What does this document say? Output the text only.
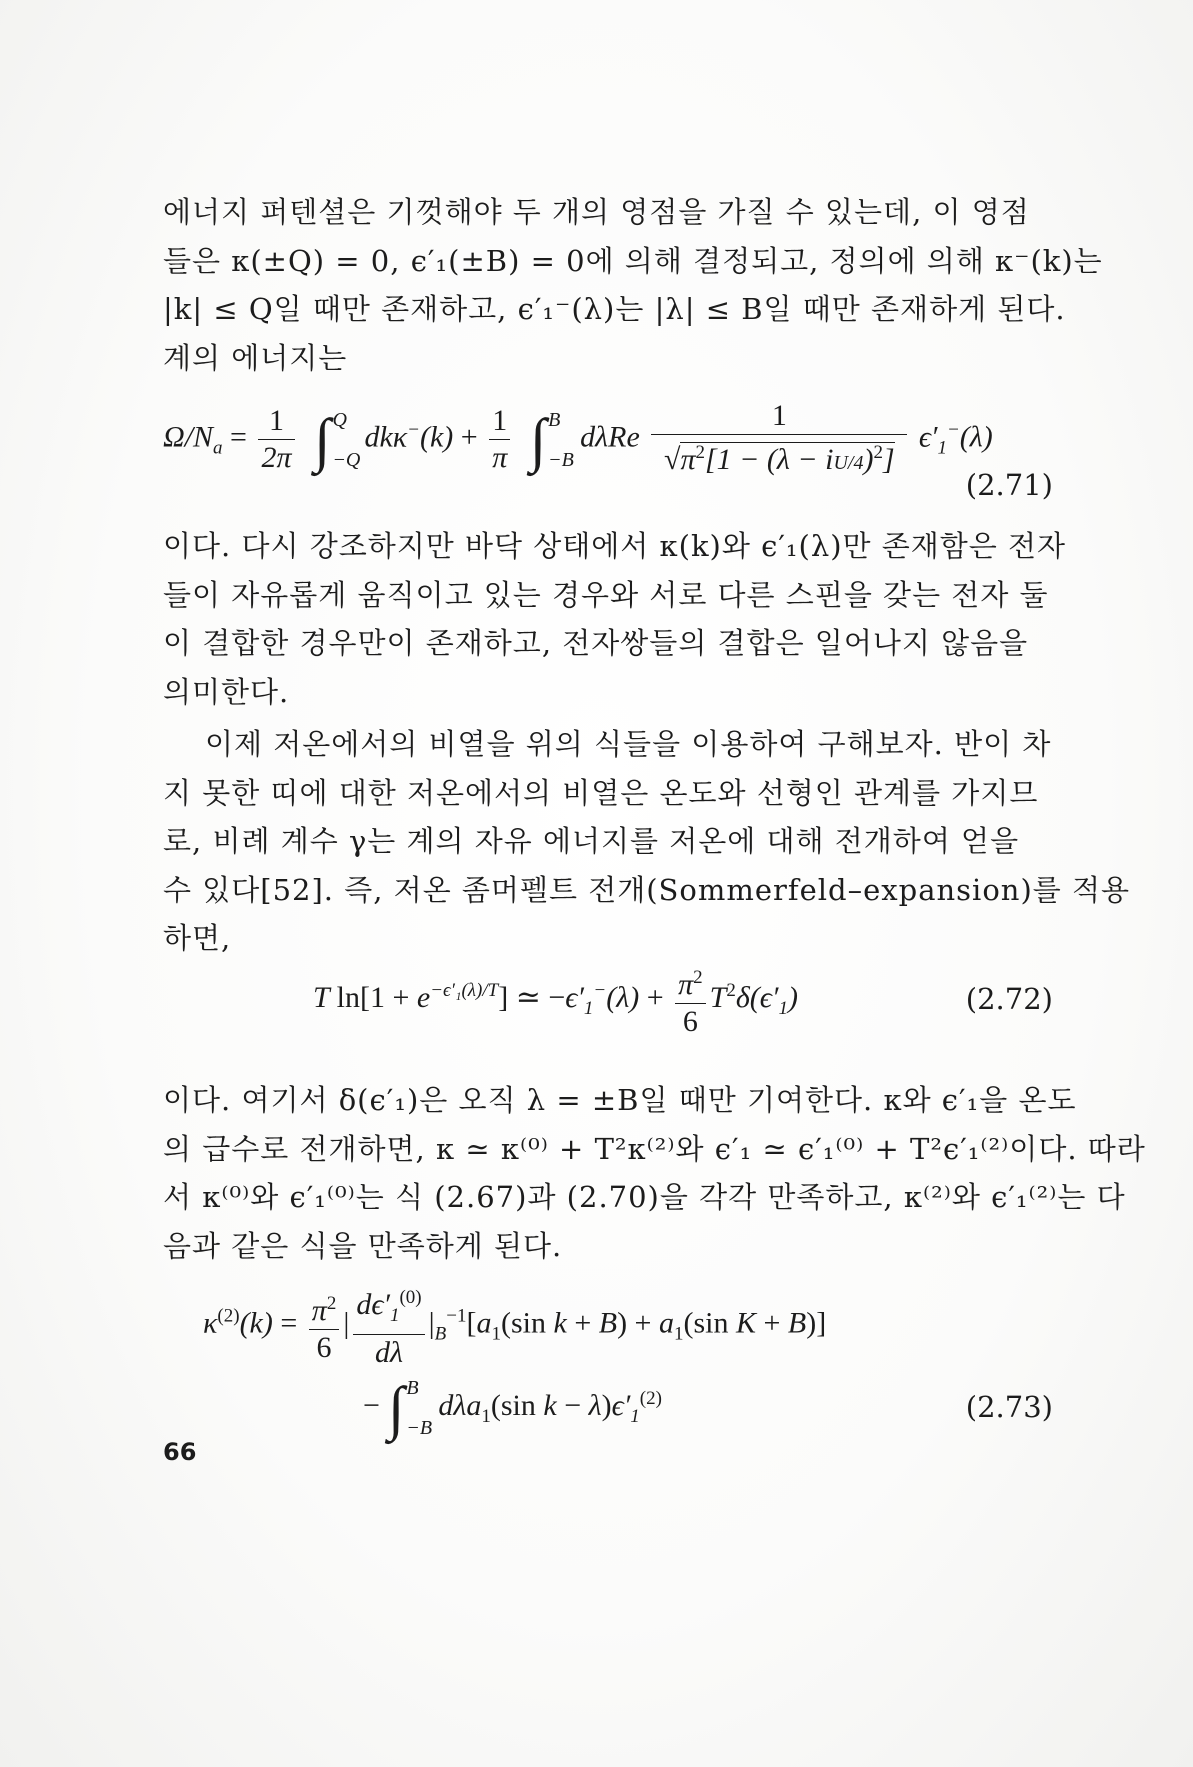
에너지 퍼텐셜은 기껏해야 두 개의 영점을 가질 수 있는데, 이 영점
들은 κ(±Q) = 0, ϵ′₁(±B) = 0에 의해 결정되고, 정의에 의해 κ⁻(k)는
|k| ≤ Q일 때만 존재하고, ϵ′₁⁻(λ)는 |λ| ≤ B일 때만 존재하게 된다.
계의 에너지는

$\Omega/N_a = \frac{1}{2\pi}$ ∫ Q
−Q
$dk\kappa^-(k) + \frac{1}{\pi}$ ∫ B
−B
dλRe $\frac{1}{√\pi^2[1 - (\lambda - iU/4)^2]} \epsilon'_1^-(\lambda)$
(2.71)

이다. 다시 강조하지만 바닥 상태에서 κ(k)와 ϵ′₁(λ)만 존재함은 전자
들이 자유롭게 움직이고 있는 경우와 서로 다른 스핀을 갖는 전자 둘
이 결합한 경우만이 존재하고, 전자쌍들의 결합은 일어나지 않음을
의미한다.

이제 저온에서의 비열을 위의 식들을 이용하여 구해보자. 반이 차
지 못한 띠에 대한 저온에서의 비열은 온도와 선형인 관계를 가지므
로, 비례 계수 γ는 계의 자유 에너지를 저온에 대해 전개하여 얻을
수 있다[52]. 즉, 저온 좀머펠트 전개(Sommerfeld–expansion)를 적용
하면,

T $\ln[1 + e^{-\epsilon'_1(\lambda)/T}]$ ≃ $-\epsilon'_1^-(\lambda) + \frac{\pi^2}{6} T^2\delta(\epsilon'_1)$	(2.72)

이다. 여기서 δ(ϵ′₁)은 오직 λ = ±B일 때만 기여한다. κ와 ϵ′₁을 온도
의 급수로 전개하면, κ ≃ κ⁽⁰⁾ + T²κ⁽²⁾와 ϵ′₁ ≃ ϵ′₁⁽⁰⁾ + T²ϵ′₁⁽²⁾이다. 따라
서 κ⁽⁰⁾와 ϵ′₁⁽⁰⁾는 식 (2.67)과 (2.70)을 각각 만족하고, κ⁽²⁾와 ϵ′₁⁽²⁾는 다
음과 같은 식을 만족하게 된다.

$\kappa^{(2)}(k) = \frac{\pi^2}{6}$ | $\frac{d\epsilon'_1^{(0)}}{d\lambda} |_B^{-1}[a_1(\sin$ $k + B) + a_1(\sin$ K + B)]
− ∫ B
−B
dλa$_1$(sin $k - \lambda)\epsilon'_1^{(2)}$	(2.73)
66
